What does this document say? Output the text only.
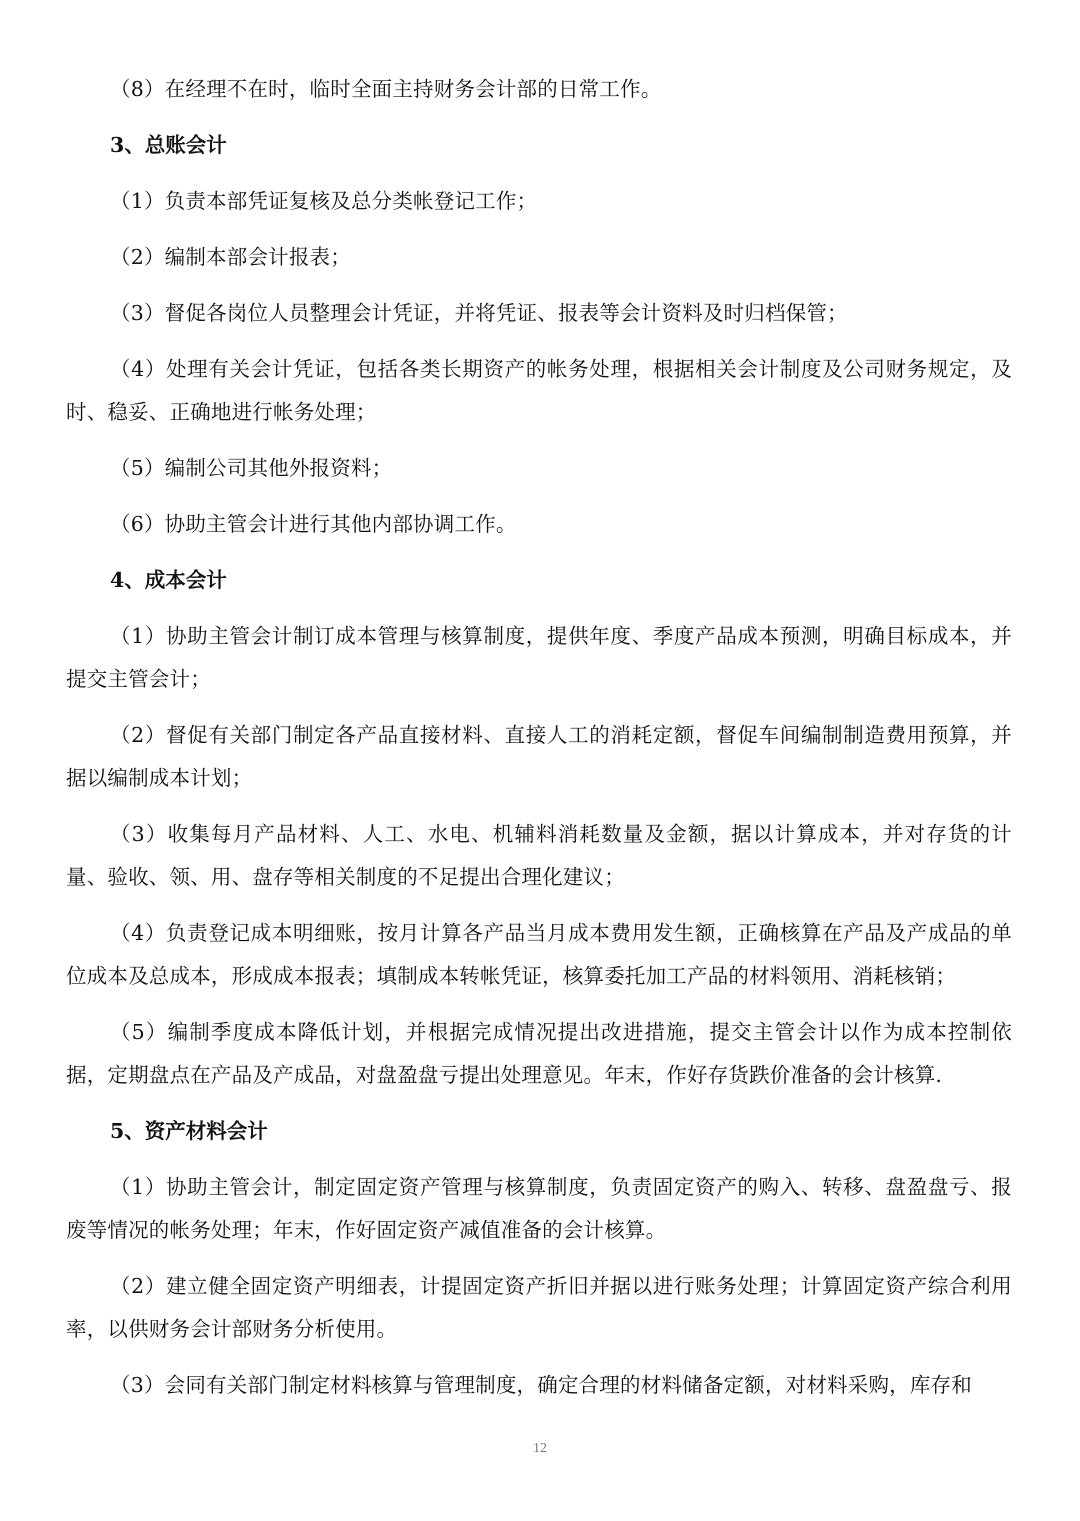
（8）在经理不在时，临时全面主持财务会计部的日常工作。

3、总账会计

（1）负责本部凭证复核及总分类帐登记工作；

（2）编制本部会计报表；

（3）督促各岗位人员整理会计凭证，并将凭证、报表等会计资料及时归档保管；

（4）处理有关会计凭证，包括各类长期资产的帐务处理，根据相关会计制度及公司财务规定，及时、稳妥、正确地进行帐务处理；

（5）编制公司其他外报资料；

（6）协助主管会计进行其他内部协调工作。

4、成本会计

（1）协助主管会计制订成本管理与核算制度，提供年度、季度产品成本预测，明确目标成本，并提交主管会计；

（2）督促有关部门制定各产品直接材料、直接人工的消耗定额，督促车间编制制造费用预算，并据以编制成本计划；

（3）收集每月产品材料、人工、水电、机辅料消耗数量及金额，据以计算成本，并对存货的计量、验收、领、用、盘存等相关制度的不足提出合理化建议；

（4）负责登记成本明细账，按月计算各产品当月成本费用发生额，正确核算在产品及产成品的单位成本及总成本，形成成本报表；填制成本转帐凭证，核算委托加工产品的材料领用、消耗核销；

（5）编制季度成本降低计划，并根据完成情况提出改进措施，提交主管会计以作为成本控制依据，定期盘点在产品及产成品，对盘盈盘亏提出处理意见。年末，作好存货跌价准备的会计核算.

5、资产材料会计

（1）协助主管会计，制定固定资产管理与核算制度，负责固定资产的购入、转移、盘盈盘亏、报废等情况的帐务处理；年末，作好固定资产减值准备的会计核算。

（2）建立健全固定资产明细表，计提固定资产折旧并据以进行账务处理；计算固定资产综合利用率，以供财务会计部财务分析使用。

（3）会同有关部门制定材料核算与管理制度，确定合理的材料储备定额，对材料采购，库存和

12
